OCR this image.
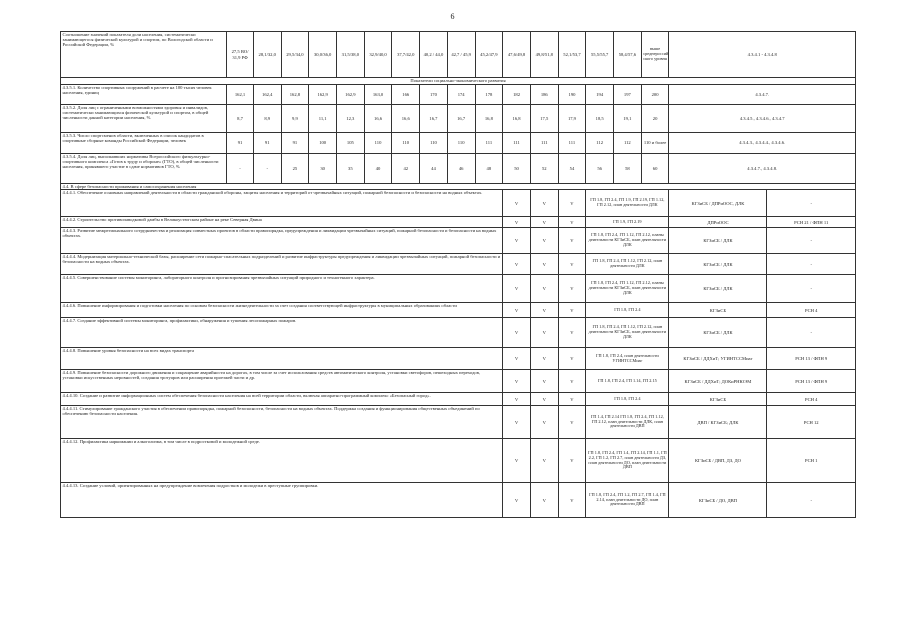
6
Соотношение значений показателя доли населения, систематически занимающегося физической культурой и спортом, по Вологодской области и Российской Федерации, %	27,5 ВО/ 31,9 РФ	28,1/32,0	29,5/34,0	30,0/36,0	31,5/38,0	32,9/40,0	37,7/42,0	40,2 / 44,0	42,7 / 45,9	45,2/47,9	47,6/49,8	49,8/51,8	52,1/53,7	55,5/55,7	58,4/57,6	выше среднероссий ского уровня	4.3.4.1 - 4.3.4.8	
Показатели социально-экономического развития																		
4.3.5.1. Количество спортивных сооружений в расчете на 100 тысяч человек населения, единиц	162,1	162,4	162,8	162,9	162,9	163,0	166	170	174	178	182	186	190	194	197	200	4.3.4.7.	
4.3.5.2. Доля лиц с ограниченными возможностями здоровья и инвалидов, систематически занимающихся физической культурой и спортом, в общей численности данной категории населения, %	8,7	8,9	9,9	11,1	12,3	16,6	16,6	16,7	16,7	16,8	16,8	17,5	17,9	18,5	19,1	20	4.3.4.5., 4.3.4.6., 4.3.4.7	
4.3.5.3. Число спортсменов области, включенных в список кандидатов в спортивные сборные команды Российской Федерации, человек	91	91	91	100	105	110	110	110	110	111	111	111	111	112	112	110 и более	4.3.4.3., 4.3.4.4., 4.3.4.6.	
4.3.5.4. Доля лиц, выполнивших нормативы Всероссийского физкультурно-спортивного комплекса «Готов к труду и обороне» (ГТО), в общей численности населения, принявшего участие в сдаче нормативов ГТО, %	-	-	25	30	35	40	42	44	46	48	50	52	54	56	58	60	4.3.4.7., 4.3.4.8.	
4.4. В сфере безопасности проживания и самосохранения населения																		
4.4.4.1. Обеспечение основных направлений деятельности в области гражданской обороны, защиты населения и территорий от чрезвычайных ситуаций, пожарной безопасности и безопасности на водных объектах.											V	V	V	ГП 1.8, ГП 2.4, ГП 1.9, ГП 2.19, ГП 1.12, ГП 2.12, план деятельности ДЛК			КГЗиСБ / ДПРиООС, ДЛК	-
4.4.4.2. Строительство противопаводковой дамбы в Великоустюгском районе на реке Северная Двина											V	V	V	ГП 1.9, ГП 2.19			ДПРиООС	РСН 21 / ФПН 11
4.4.4.3. Развитие межрегионального сотрудничества и реализация совместных проектов в области правопорядка, предупреждения и ликвидации чрезвычайных ситуаций, пожарной безопасности и безопасности на водных объектах.											V	V	V	ГП 1.8, ГП 2.4, ГП 1.12, ГП 2.12, планы деятельности КГЗиСБ, план деятельности ДЛК			КГЗиСБ / ДЛК	-
4.4.4.4. Модернизация материально-технической базы, расширение сети пожарно-спасательных подразделений и развитие инфраструктуры предупреждения и ликвидации чрезвычайных ситуаций, пожарной безопасности и безопасности на водных объектах.											V	V	V	ГП 1.8, ГП 2.4, ГП 1.12, ГП 2.12, план деятельности ДЛК			КГЗиСБ / ДЛК	-
4.4.4.5. Совершенствование системы мониторинга, лабораторного контроля и прогнозирования чрезвычайных ситуаций природного и техногенного характера.											V	V	V	ГП 1.8, ГП 2.4, ГП 1.12, ГП 2.12, планы деятельности КГЗиСБ, план деятельности ДЛК			КГЗиСБ / ДЛК	-
4.4.4.6. Повышение информирования и подготовки населения по основам безопасности жизнедеятельности за счет создания соответствующей инфраструктуры в муниципальных образованиях области											V	V	V	ГП 1.8, ГП 2.4			КГЗиСБ	РСН 4
4.4.4.7. Создание эффективной системы мониторинга, профилактики, обнаружения и тушения лесопожарных пожаров.											V	V	V	ГП 1.8, ГП 2.4, ГП 1.12, ГП 2.12, план деятельности КГЗиСБ, план деятельности ДЛК			КГЗиСБ / ДЛК	-
4.4.4.8. Повышение уровня безопасности на всех видах транспорта											V	V	V	ГП 1.8, ГП 2.4, план деятельности УГИНТССМиаг			КГЗиСБ / ДДХиТ; УГИНТССМиаг	РСН 13 / ФПН 9
4.4.4.9. Повышение безопасности дорожного движения и сокращение аварийности на дорогах, в том числе за счет использования средств автоматического контроля, установки светофоров, пешеходных переходов, установки искусственных неровностей, создания тротуаров или расширения проезжей части и др.											V	V	V	ГП 1.8, ГП 2.4, ГП 1.14, ГП 2.15			КГЗиСБ / ДДХиТ; ДОКиРНЮЭМ	РСН 13 / ФПН 9
4.4.4.10. Создание и развитие информационных систем обеспечения безопасности населения на всей территории области, включая аппаратно-программный комплекс «Безопасный город».											V	V	V	ГП 1.8, ГП 2.4			КГЗиСБ	РСН 4
4.4.4.11. Стимулирование гражданского участия в обеспечении правопорядка, пожарной безопасности, безопасности на водных объектах. Поддержка создания и функционирования общественных объединений по обеспечению безопасности населения.											V	V	V	ГП 1.4, ГП 2.14 ГП 1.8, ГП 2.4, ГП 1.12, ГП 2.12, план деятельности ДЛК, план деятельности ДВП			ДВП / КГЗиСБ; ДЛК	РСН 12
4.4.4.12. Профилактика наркомании и алкоголизма, в том числе в подростковой и молодежной среде.											V	V	V	ГП 1.8, ГП 2.4, ГП 1.4, ГП 2.14, ГП 1.1, ГП 2.2, ГП 1.2, ГП 2.7, план деятельности ДЗ, план деятельности ДО, план деятельности ДВП			КГЗиСБ / ДВП, ДЗ, ДО	РСН 1
4.4.4.13. Создание условий, ориентированных на предупреждение вовлечения подростков и молодежи в преступные группировки.											V	V	V	ГП 1.8, ГП 2.4, ГП 1.2, ГП 2.7, ГП 1.4, ГП 2.14, план деятельности ДО, план деятельности ДВП			КГЗиСБ / ДО, ДВП	-
